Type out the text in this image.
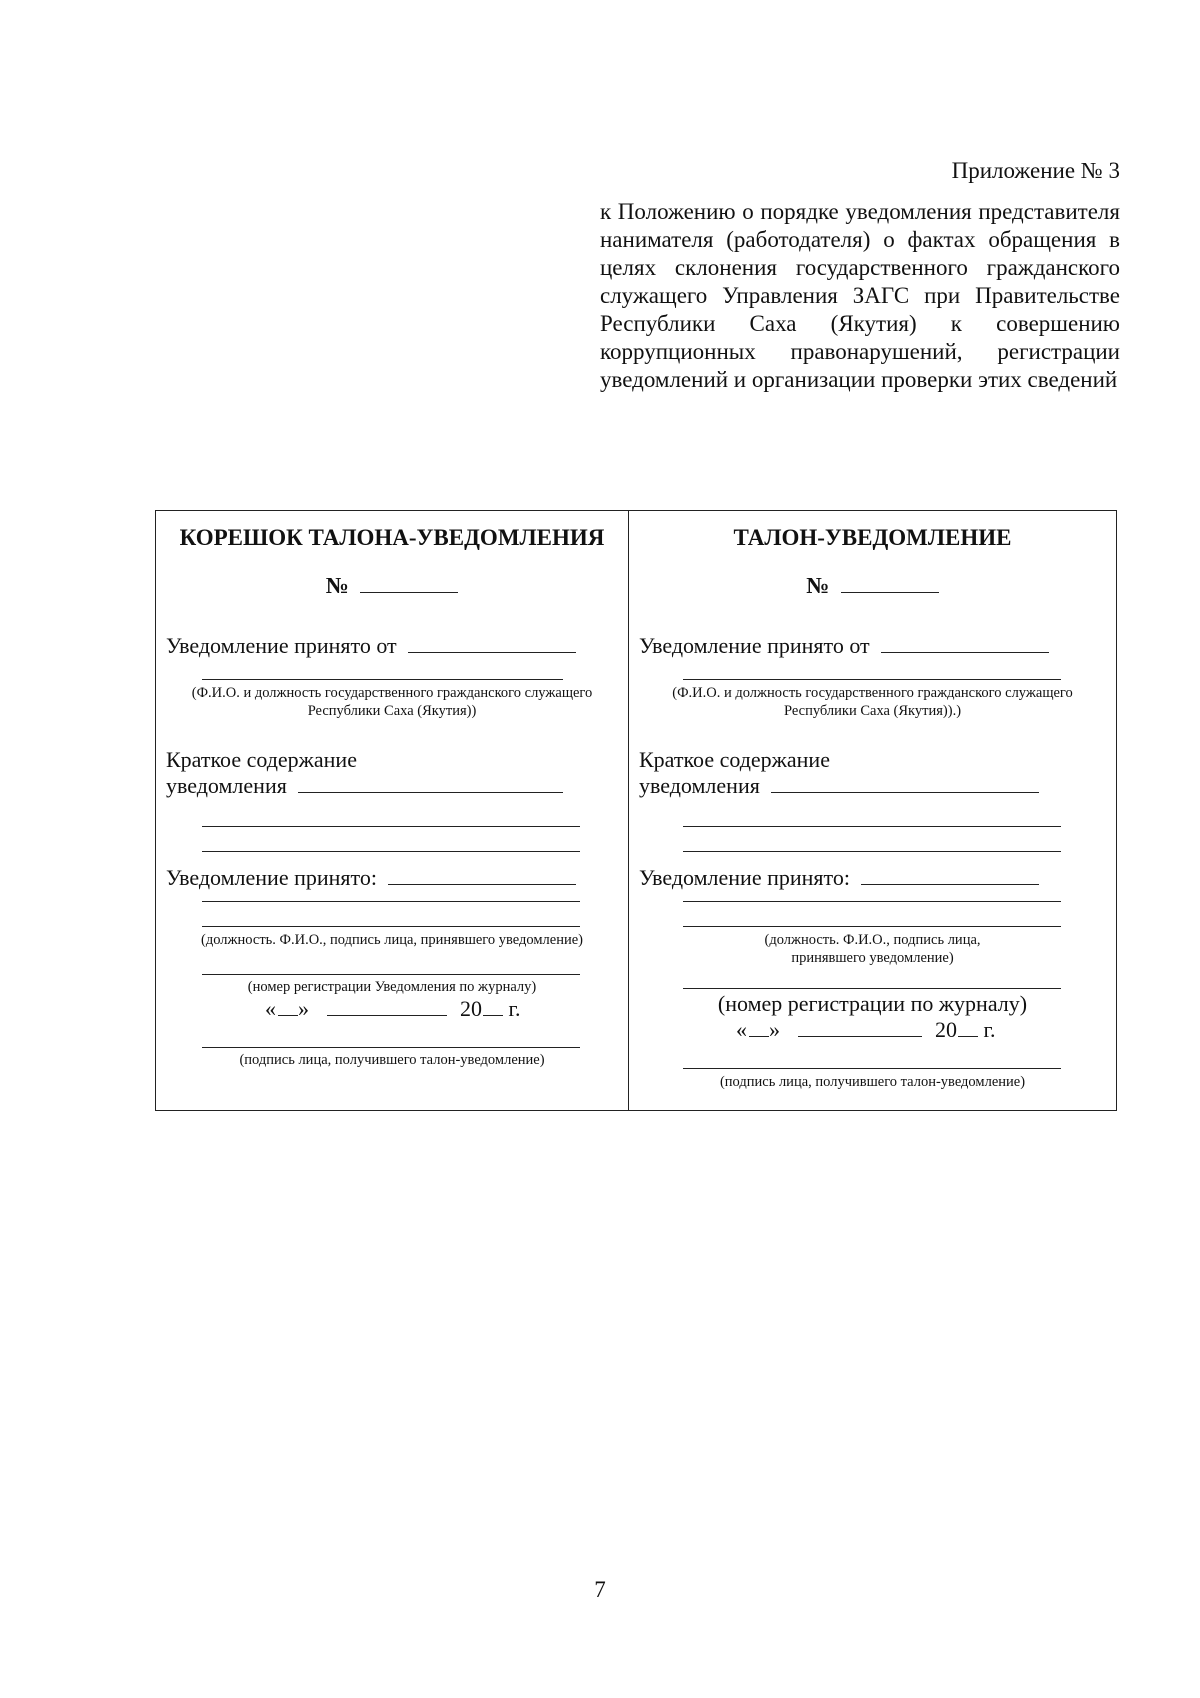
Приложение № 3
к Положению о порядке уведомления представителя нанимателя (работодателя) о фактах обращения в целях склонения государственного гражданского служащего Управления ЗАГС при Правительстве Республики Саха (Якутия) к совершению коррупционных правонарушений, регистрации уведомлений и организации проверки этих сведений
КОРЕШОК ТАЛОНА-УВЕДОМЛЕНИЯ
№
Уведомление принято от
(Ф.И.О. и должность государственного гражданского служащего
Республики Саха (Якутия))
Краткое содержание
уведомления
Уведомление принято:
(должность. Ф.И.О., подпись лица, принявшего уведомление)
(номер регистрации Уведомления по журналу)
« »	20 г.
(подпись лица, получившего талон-уведомление)
ТАЛОН-УВЕДОМЛЕНИЕ
№
Уведомление принято от
(Ф.И.О. и должность государственного гражданского служащего
Республики Саха (Якутия)).)
Краткое содержание
уведомления
Уведомление принято:
(должность. Ф.И.О., подпись лица,
принявшего уведомление)
(номер регистрации по журналу)
« »	20 г.
(подпись лица, получившего талон-уведомление)
7
